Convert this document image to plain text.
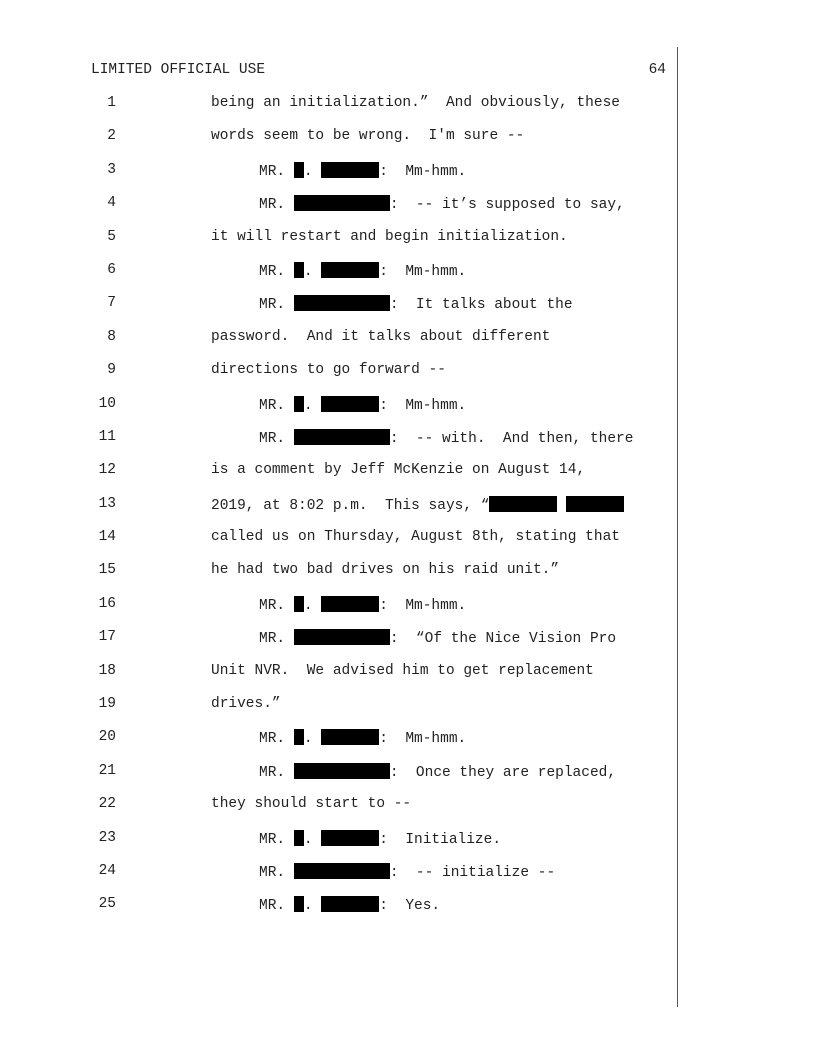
LIMITED OFFICIAL USE	64
1	being an initialization.”  And obviously, these
2	words seem to be wrong.  I'm sure --
3	MR. .	:  Mm-hmm.
4	MR.	:  -- it’s supposed to say,
5	it will restart and begin initialization.
6	MR. .	:  Mm-hmm.
7	MR.	:  It talks about the
8	password.  And it talks about different
9	directions to go forward --
10	MR. .	:  Mm-hmm.
11	MR.	:  -- with.  And then, there
12	is a comment by Jeff McKenzie on August 14,
13	2019, at 8:02 p.m.  This says, “
14	called us on Thursday, August 8th, stating that
15	he had two bad drives on his raid unit.”
16	MR. .	:  Mm-hmm.
17	MR.	:  “Of the Nice Vision Pro
18	Unit NVR.  We advised him to get replacement
19	drives.”
20	MR. .	:  Mm-hmm.
21	MR.	:  Once they are replaced,
22	they should start to --
23	MR. .	:  Initialize.
24	MR.	:  -- initialize --
25	MR. .	:  Yes.
